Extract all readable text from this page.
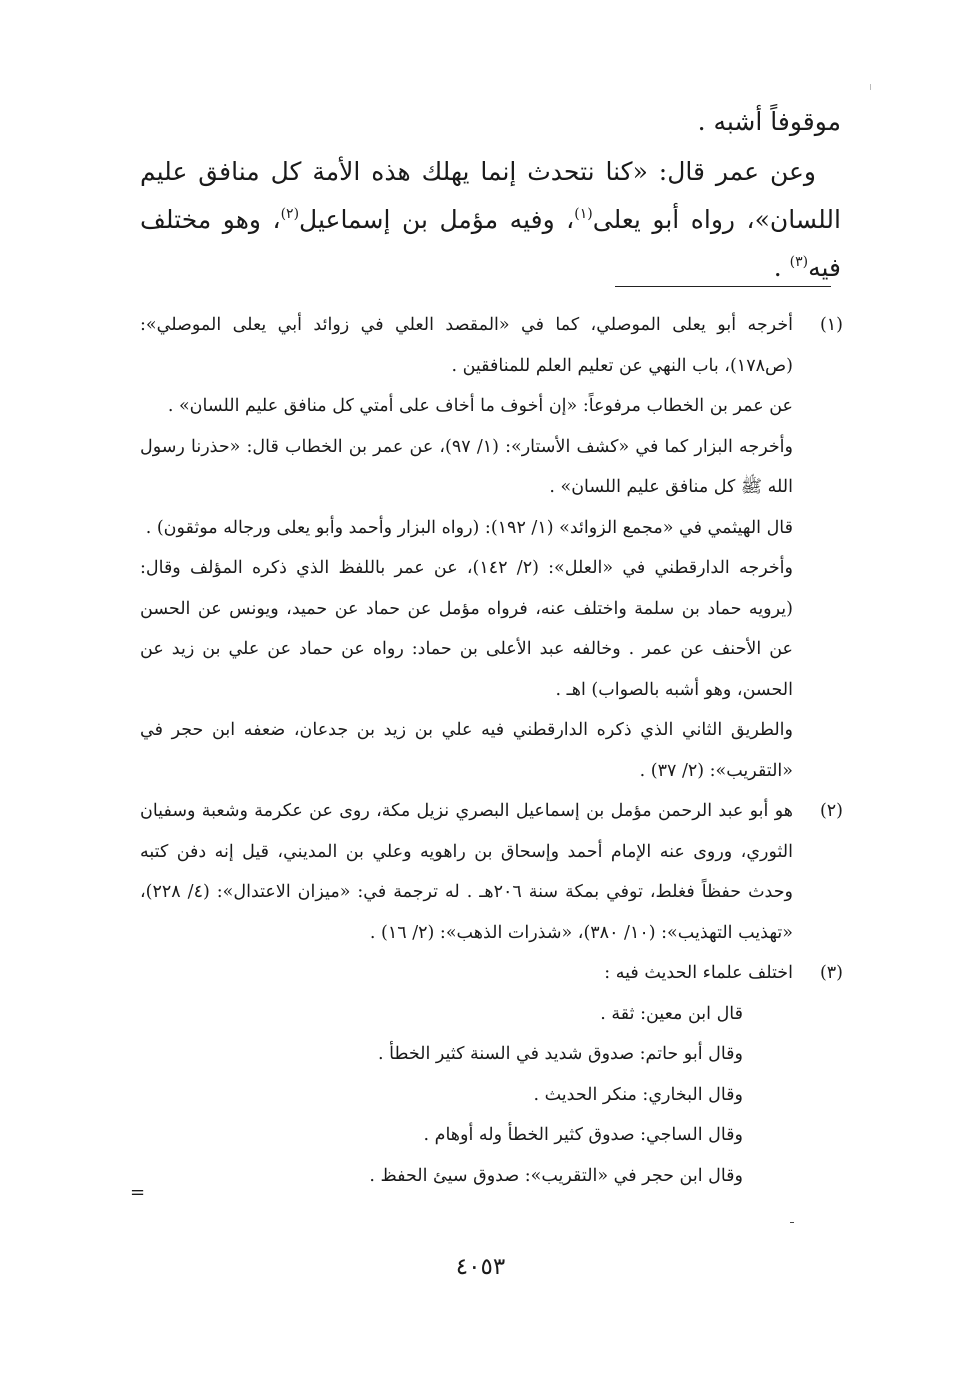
موقوفاً أشبه .

وعن عمر قال: «كنا نتحدث إنما يهلك هذه الأمة كل منافق عليم اللسان»، رواه أبو يعلى$^{(١)}$، وفيه مؤمل بن إسماعيل$^{(٢)}$، وهو مختلف فيه$^{(٣)}$ .

(١)

أخرجه أبو يعلى الموصلي، كما في «المقصد العلي في زوائد أبي يعلى الموصلي»: (ص١٧٨)، باب النهي عن تعليم العلم للمنافقين .

عن عمر بن الخطاب مرفوعاً: «إن أخوف ما أخاف على أمتي كل منافق عليم اللسان» .

وأخرجه البزار كما في «كشف الأستار»: (١/ ٩٧)، عن عمر بن الخطاب قال: «حذرنا رسول الله ﷺ كل منافق عليم اللسان» .

قال الهيثمي في «مجمع الزوائد» (١/ ١٩٢): (رواه البزار وأحمد وأبو يعلى ورجاله موثقون) .

وأخرجه الدارقطني في «العلل»: (٢/ ١٤٢)، عن عمر باللفظ الذي ذكره المؤلف وقال: (يرويه حماد بن سلمة واختلف عنه، فرواه مؤمل عن حماد عن حميد، ويونس عن الحسن عن الأحنف عن عمر . وخالفه عبد الأعلى بن حماد: رواه عن حماد عن علي بن زيد عن الحسن، وهو أشبه بالصواب) اهـ .

والطريق الثاني الذي ذكره الدارقطني فيه علي بن زيد بن جدعان، ضعفه ابن حجر في «التقريب»: (٢/ ٣٧) .

(٢)

هو أبو عبد الرحمن مؤمل بن إسماعيل البصري نزيل مكة، روى عن عكرمة وشعبة وسفيان الثوري، وروى عنه الإمام أحمد وإسحاق بن راهويه وعلي بن المديني، قيل إنه دفن كتبه وحدث حفظاً فغلط، توفي بمكة سنة ٢٠٦هـ . له ترجمة في: «ميزان الاعتدال»: (٤/ ٢٢٨)، «تهذيب التهذيب»: (١٠/ ٣٨٠)، «شذرات الذهب»: (٢/ ١٦) .

(٣)

اختلف علماء الحديث فيه :

قال ابن معين: ثقة .

وقال أبو حاتم: صدوق شديد في السنة كثير الخطأ .

وقال البخاري: منكر الحديث .

وقال الساجي: صدوق كثير الخطأ وله أوهام .

وقال ابن حجر في «التقريب»: صدوق سيئ الحفظ .

=
٤٠٥٣
